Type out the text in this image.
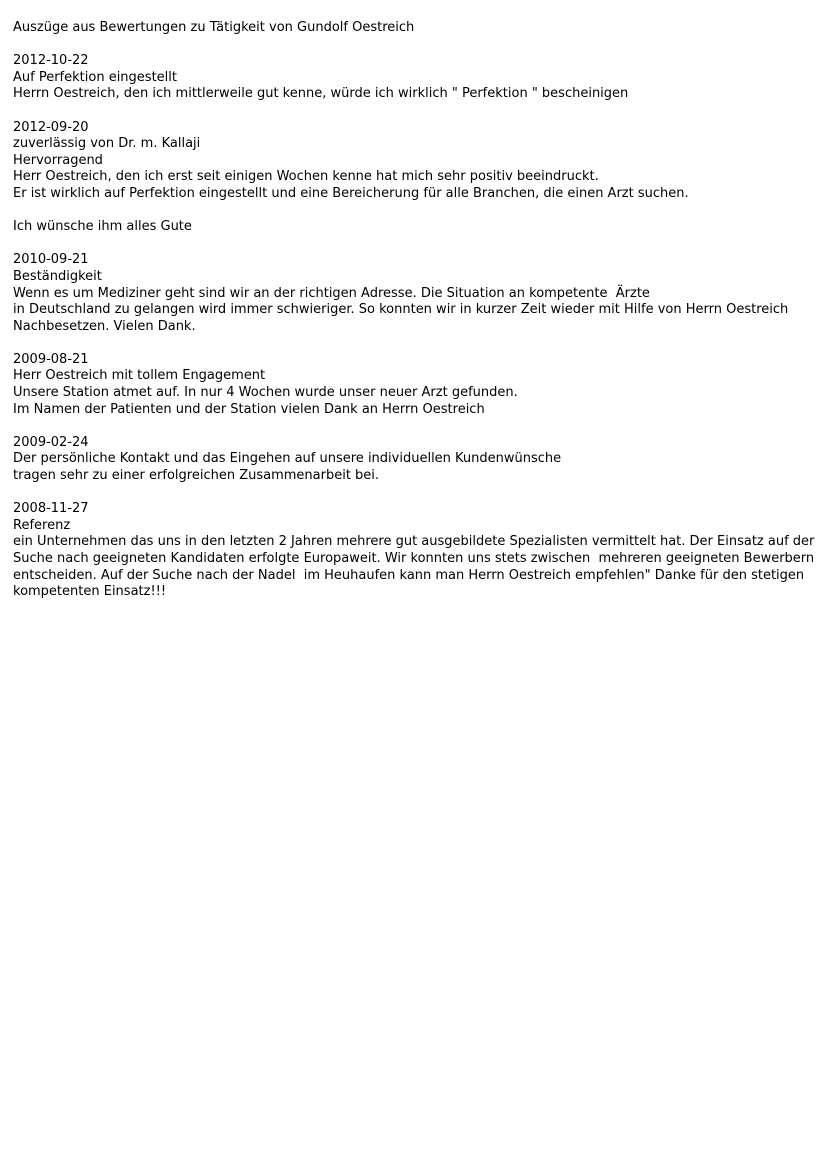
Auszüge aus Bewertungen zu Tätigkeit von Gundolf Oestreich

2012-10-22

Auf Perfektion eingestellt

Herrn Oestreich, den ich mittlerweile gut kenne, würde ich wirklich " Perfektion " bescheinigen

2012-09-20

zuverlässig von Dr. m. Kallaji

Hervorragend

Herr Oestreich, den ich erst seit einigen Wochen kenne hat mich sehr positiv beeindruckt.

Er ist wirklich auf Perfektion eingestellt und eine Bereicherung für alle Branchen, die einen Arzt suchen.

Ich wünsche ihm alles Gute

2010-09-21

Beständigkeit

Wenn es um Mediziner geht sind wir an der richtigen Adresse. Die Situation an kompetente  Ärzte

in Deutschland zu gelangen wird immer schwieriger. So konnten wir in kurzer Zeit wieder mit Hilfe von Herrn Oestreich Nachbesetzen. Vielen Dank.

2009-08-21

Herr Oestreich mit tollem Engagement

Unsere Station atmet auf. In nur 4 Wochen wurde unser neuer Arzt gefunden.

Im Namen der Patienten und der Station vielen Dank an Herrn Oestreich

2009-02-24

Der persönliche Kontakt und das Eingehen auf unsere individuellen Kundenwünsche

tragen sehr zu einer erfolgreichen Zusammenarbeit bei.

2008-11-27

Referenz

ein Unternehmen das uns in den letzten 2 Jahren mehrere gut ausgebildete Spezialisten vermittelt hat. Der Einsatz auf der Suche nach geeigneten Kandidaten erfolgte Europaweit. Wir konnten uns stets zwischen  mehreren geeigneten Bewerbern entscheiden. Auf der Suche nach der Nadel  im Heuhaufen kann man Herrn Oestreich empfehlen" Danke für den stetigen kompetenten Einsatz!!!
